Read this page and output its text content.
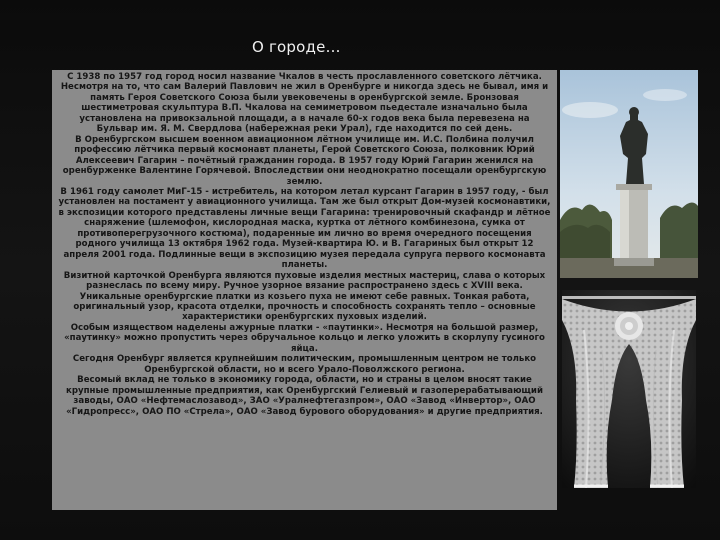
О городе…

С 1938 по 1957 год город носил название Чкалов в честь прославленного советского лётчика. Несмотря на то, что сам Валерий Павлович не жил в Оренбурге и никогда здесь не бывал, имя и память Героя Советского Союза были увековечены в оренбургской земле. Бронзовая шестиметровая скульптура В.П. Чкалова на семиметровом пьедестале изначально была установлена на привокзальной площади, а в начале 60-х годов века была перевезена на Бульвар им. Я. М. Свердлова (набережная реки Урал), где находится по сей день.

В Оренбургском высшем военном авиационном лётном училище им. И.С. Полбина получил профессию лётчика первый космонавт планеты, Герой Советского Союза, полковник Юрий Алексеевич Гагарин – почётный гражданин города. В 1957 году Юрий Гагарин женился на оренбурженке Валентине Горячевой. Впоследствии они неоднократно посещали оренбургскую землю.

В 1961 году самолет МиГ-15 - истребитель, на котором летал курсант Гагарин в 1957 году, - был установлен на постамент у авиационного училища. Там же был открыт Дом-музей космонавтики, в экспозиции которого представлены личные вещи Гагарина: тренировочный скафандр и лётное снаряжение (шлемофон, кислородная маска, куртка от лётного комбинезона, сумка от противоперегрузочного костюма), подаренные им лично во время очередного посещения родного училища 13 октября 1962 года. Музей-квартира Ю. и В. Гагариных был открыт 12 апреля 2001 года. Подлинные вещи в экспозицию музея передала супруга первого космонавта планеты.

Визитной карточкой Оренбурга являются пуховые изделия местных мастериц, слава о которых разнеслась по всему миру. Ручное узорное вязание распространено здесь с XVIII века. Уникальные оренбургские платки из козьего пуха не имеют себе равных. Тонкая работа, оригинальный узор, красота отделки, прочность и способность сохранять тепло – основные характеристики оренбургских пуховых изделий.

Особым изяществом наделены ажурные платки - «паутинки». Несмотря на большой размер, «паутинку» можно пропустить через обручальное кольцо и легко уложить в скорлупу гусиного яйца.

Сегодня Оренбург является крупнейшим политическим, промышленным центром не только Оренбургской области, но и всего Урало-Поволжского региона.

Весомый вклад не только в экономику города, области, но и страны в целом вносят такие крупные промышленные предприятия, как Оренбургский Гелиевый и газоперерабатывающий заводы, ОАО «Нефтемаслозавод», ЗАО «Уралнефтегазпром», ОАО «Завод «Инвертор», ОАО «Гидропресс», ОАО ПО «Стрела», ОАО «Завод бурового оборудования» и другие предприятия.
